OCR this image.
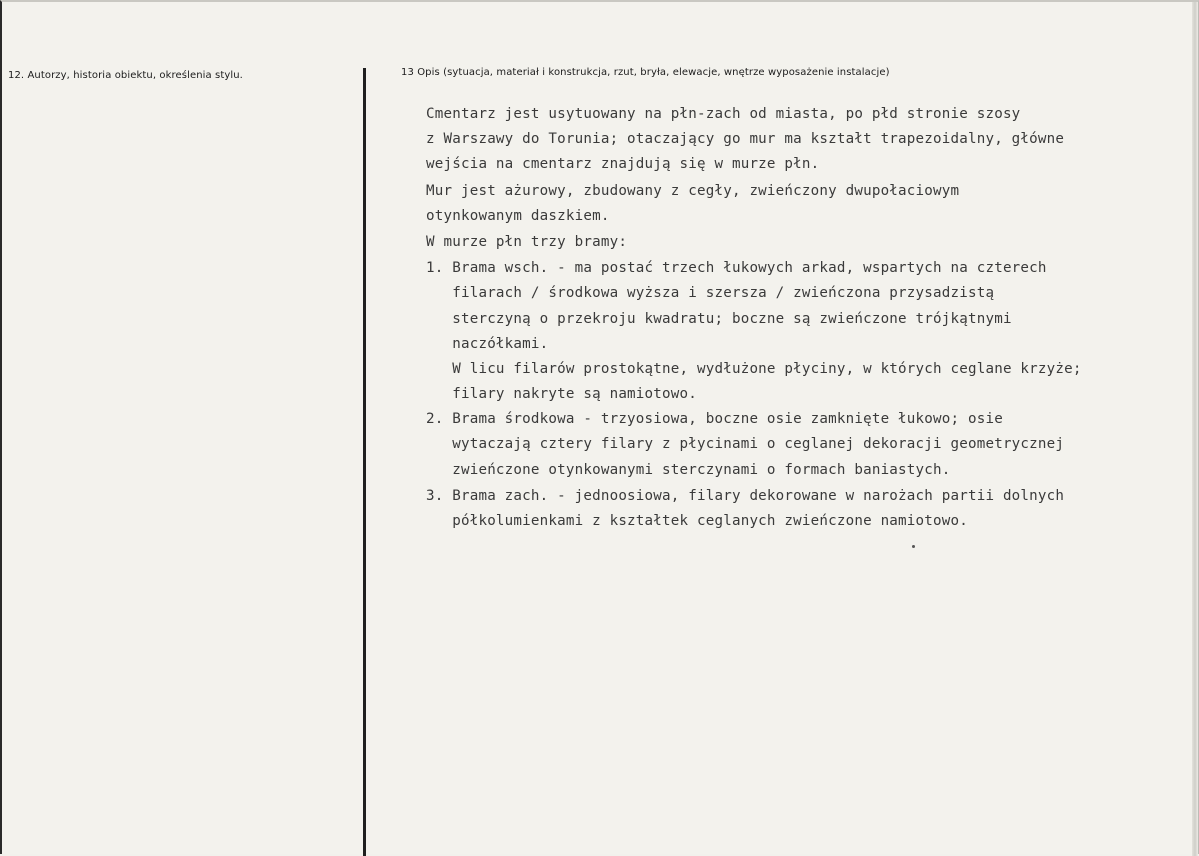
12. Autorzy, historia obiektu, określenia stylu.	13 Opis (sytuacja, materiał i konstrukcja, rzut, bryła, elewacje, wnętrze wyposażenie instalacje)
Cmentarz jest usytuowany na płn-zach od miasta, po płd stronie szosy
z Warszawy do Torunia; otaczający go mur ma kształt trapezoidalny, główne
wejścia na cmentarz znajdują się w murze płn.
Mur jest ażurowy, zbudowany z cegły, zwieńczony dwupołaciowym
otynkowanym daszkiem.
W murze płn trzy bramy:
1. Brama wsch. - ma postać trzech łukowych arkad, wspartych na czterech
filarach / środkowa wyższa i szersza / zwieńczona przysadzistą
sterczyną o przekroju kwadratu; boczne są zwieńczone trójkątnymi
naczółkami.
W licu filarów prostokątne, wydłużone płyciny, w których ceglane krzyże;
filary nakryte są namiotowo.
2. Brama środkowa - trzyosiowa, boczne osie zamknięte łukowo; osie
wytaczają cztery filary z płycinami o ceglanej dekoracji geometrycznej
zwieńczone otynkowanymi sterczynami o formach baniastych.
3. Brama zach. - jednoosiowa, filary dekorowane w narożach partii dolnych
półkolumienkami z kształtek ceglanych zwieńczone namiotowo.
